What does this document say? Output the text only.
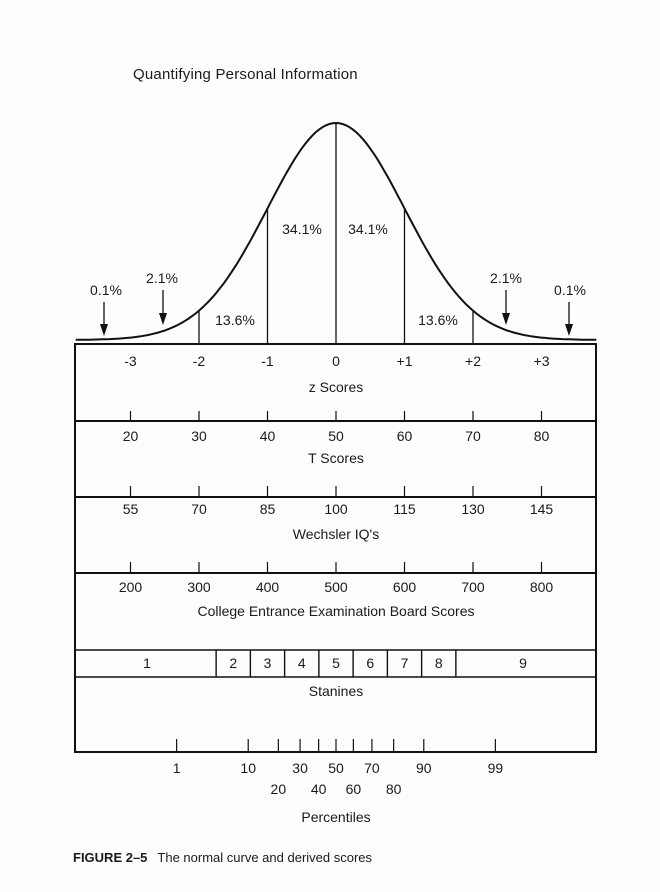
Quantifying Personal Information
2.1%
13.6%
34.1% 34.1%
13.6%
2.1%
0.1%	0.1%
-3	-2	-1	0	+1	+2	+3
z Scores
20	30	40	50	60	70	80
T Scores
55	70	85	100	115	130	145
Wechsler IQ's
200	300	400	500	600	700	800
College Entrance Examination Board Scores
1	2 3 4 5 6 7 8	9
Stanines
1	10	30 50 70	90	99
20 40 60 80
Percentiles
FIGURE 2–5 The normal curve and derived scores
